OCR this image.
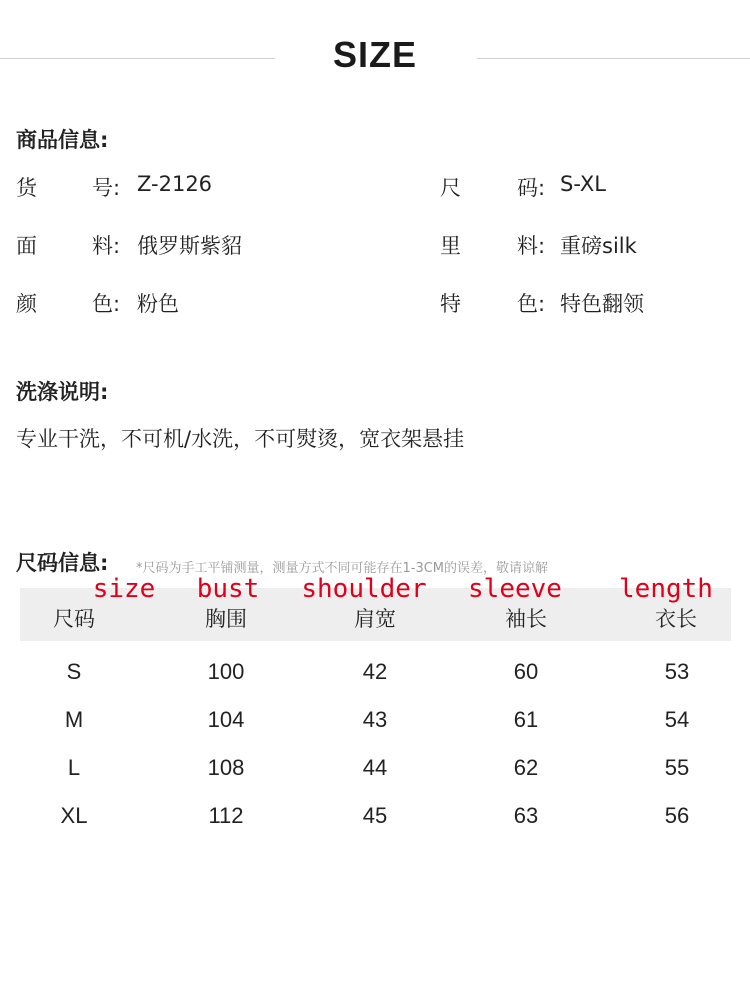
SIZE
商品信息:
货	号: Z-2126	尺	码: S-XL
面	料: 俄罗斯紫貂	里	料: 重磅silk
颜	色: 粉色	特	色: 特色翻领
洗涤说明:
专业干洗，不可机/水洗，不可熨烫，宽衣架悬挂
尺码信息: *尺码为手工平铺测量，测量方式不同可能存在1-3CM的误差，敬请谅解
size	bust	shoulder	sleeve	length
尺码	胸围	肩宽	袖长	衣长
S	100	42	60	53
M	104	43	61	54
L	108	44	62	55
XL	112	45	63	56
